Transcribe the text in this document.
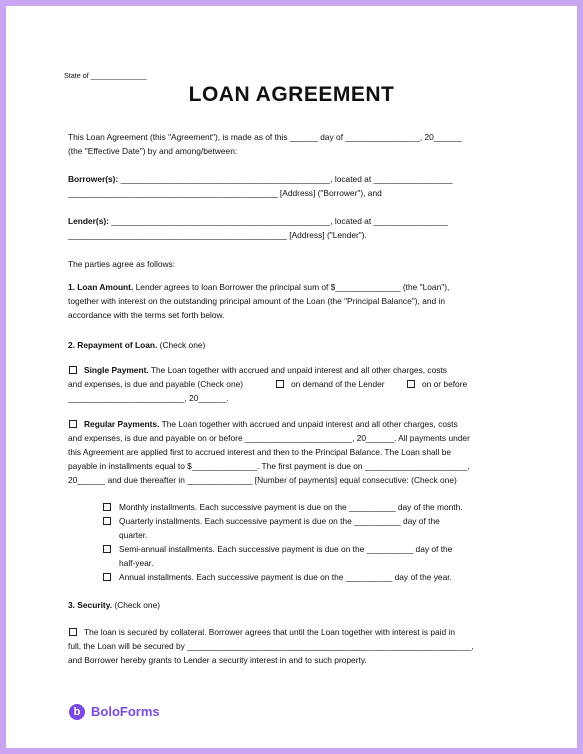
State of ______________
LOAN AGREEMENT
This Loan Agreement (this "Agreement"), is made as of this ______ day of ________________, 20______
(the "Effective Date") by and among/between:
Borrower(s): _____________________________________________, located at _________________
_____________________________________________ [Address] ("Borrower"), and
Lender(s): _______________________________________________, located at ________________
_______________________________________________ [Address] ("Lender").
The parties agree as follows:
1. Loan Amount. Lender agrees to loan Borrower the principal sum of $______________ (the "Loan"),
together with interest on the outstanding principal amount of the Loan (the "Principal Balance"), and in
accordance with the terms set forth below.
2. Repayment of Loan. (Check one)
Single Payment. The Loan together with accrued and unpaid interest and all other charges, costs
and expenses, is due and payable (Check one)	on demand of the Lender	on or before
_________________________, 20______.
Regular Payments. The Loan together with accrued and unpaid interest and all other charges, costs
and expenses, is due and payable on or before _______________________, 20______. All payments under
this Agreement are applied first to accrued interest and then to the Principal Balance. The Loan shall be
payable in installments equal to $______________. The first payment is due on ______________________,
20______ and due thereafter in ______________ [Number of payments] equal consecutive: (Check one)
Monthly installments. Each successive payment is due on the __________ day of the month.
Quarterly installments. Each successive payment is due on the __________ day of the
quarter.
Semi-annual installments. Each successive payment is due on the __________ day of the
half-year.
Annual installments. Each successive payment is due on the __________ day of the year.
3. Security. (Check one)
The loan is secured by collateral. Borrower agrees that until the Loan together with interest is paid in
full, the Loan will be secured by _____________________________________________________________,
and Borrower hereby grants to Lender a security interest in and to such property.
b BoloForms
